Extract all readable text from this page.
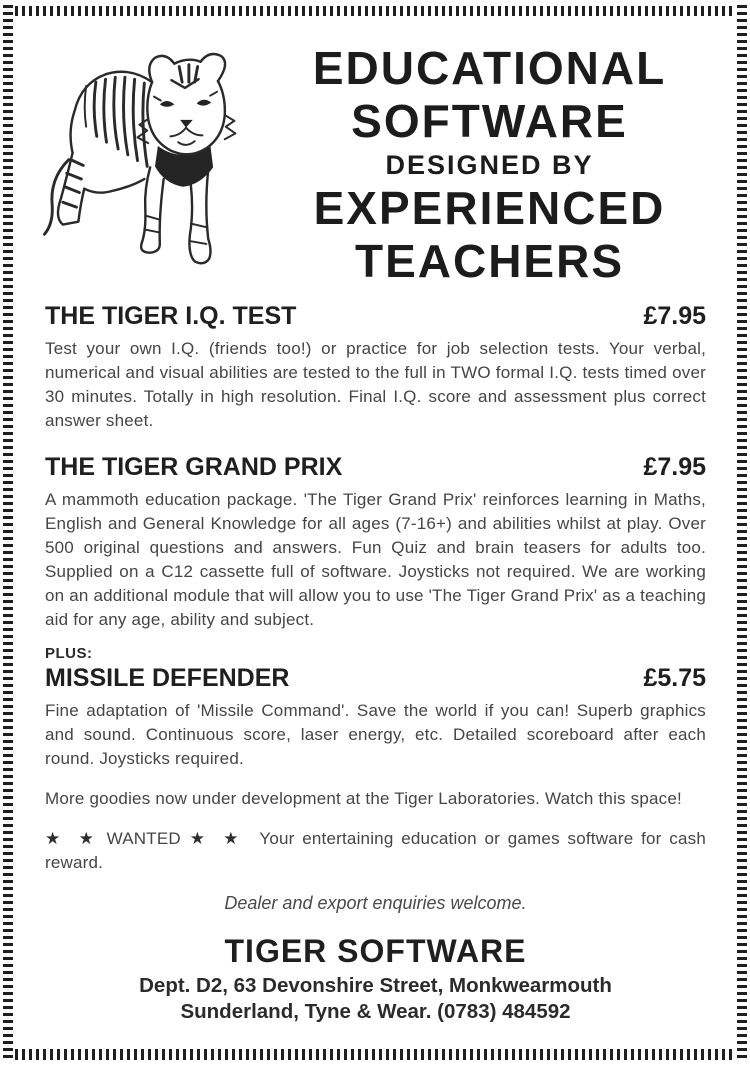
EDUCATIONAL
SOFTWARE
DESIGNED BY
EXPERIENCED
TEACHERS
THE TIGER I.Q. TEST	£7.95

Test your own I.Q. (friends too!) or practice for job selection tests. Your verbal, numerical and visual abilities are tested to the full in TWO formal I.Q. tests timed over 30 minutes. Totally in high resolution. Final I.Q. score and assessment plus correct answer sheet.

THE TIGER GRAND PRIX	£7.95

A mammoth education package. 'The Tiger Grand Prix' reinforces learning in Maths, English and General Knowledge for all ages (7-16+) and abilities whilst at play. Over 500 original questions and answers. Fun Quiz and brain teasers for adults too. Supplied on a C12 cassette full of software. Joysticks not required. We are working on an additional module that will allow you to use 'The Tiger Grand Prix' as a teaching aid for any age, ability and subject.

PLUS:
MISSILE DEFENDER	£5.75

Fine adaptation of 'Missile Command'. Save the world if you can! Superb graphics and sound. Continuous score, laser energy, etc. Detailed scoreboard after each round. Joysticks required.

More goodies now under development at the Tiger Laboratories. Watch this space!

★ ★ WANTED ★ ★ Your entertaining education or games software for cash reward.

Dealer and export enquiries welcome.

TIGER SOFTWARE
Dept. D2, 63 Devonshire Street, Monkwearmouth
Sunderland, Tyne & Wear. (0783) 484592
